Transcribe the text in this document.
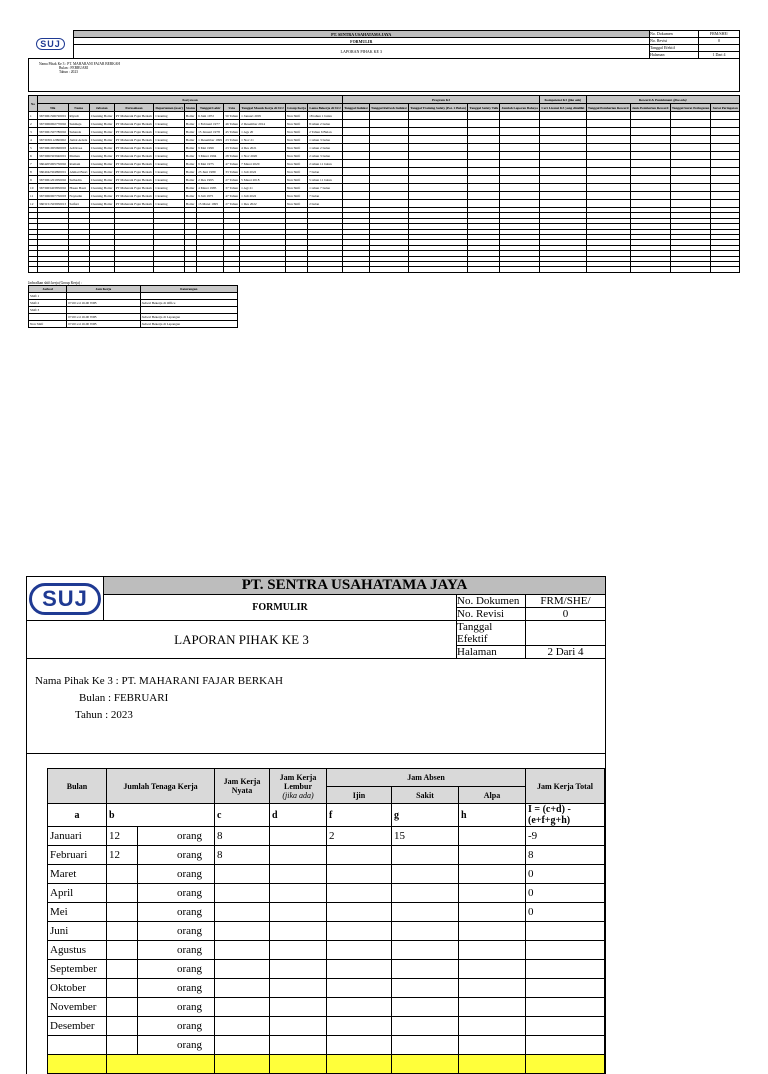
SUJ	PT. SENTRA USAHATAMA JAYA	No. Dokumen	FRM/SHE/
	FORMULIR	No. Revisi	0
	LAPORAN PIHAK KE 3	Tanggal Efektif	
		Halaman	1 Dari 4

Nama Pihak Ke 3 : PT. MAHARANI FAJAR BERKAH
Bulan : FEBRUARI
Tahun : 2023			
No	Karyawan											Program K3					Kompetensi K3 (jika ada)	Reward & Punishment (jika ada)			
	Nik	Nama	Jabatan	Perusahaan	Departemen (user)	Status	Tanggal Lahir	Usia	Tanggal Masuk Kerja di SUJ	Group Kerja	Lama Bekerja di SUJ	Tanggal Induksi	Tanggal Refresh Induksi	Tanggal Training Safety (Pot. 2 Bulan)	Tanggal Safety Talk	Jumlah Laporan Bahaya	Cert Licensi K3 yang dimiliki	Tanggal Pemberian Reward	Jenis Pemberian Reward	Tanggal Surat Peringatan	Surat Peringatan
1	3673061506720001	Riyadi	Cleaning Boiler	PT Maharani Fajar Berkah	Cleaning	Boiler	6 Juni 1972	50 Tahun	1 Januari 2005	Non Shift	18 tahun 1 bulan										
2	3673066902770002	Sukmaja	Cleaning Boiler	PT Maharani Fajar Berkah	Cleaning	Boiler	1 Februari 1977	46 Tahun	2 Desember 2014	Non Shift	8 tahun 2 bulan										
3	3673061507780002	Suhanda	Cleaning Boiler	PT Maharani Fajar Berkah	Cleaning	Boiler	15 Januari 1978	45 Tahun	1 Ags 20	Non Shift	2 Tahun 6 Bulan										
4	3673030112990002	Jamal Ardela	Cleaning Boiler	PT Maharani Fajar Berkah	Cleaning	Boiler	1 Desember 1999	23 Tahun	1 Nov 21	Non Shift	1 tahun 3 bulan										
5	3673061905990003	Adi Rosa	Cleaning Boiler	PT Maharani Fajar Berkah	Cleaning	Boiler	9 Mei 1999	23 Tahun	4 Des 2021	Non Shift	1 tahun 2 bulan										
6	3673060303940001	Maman	Cleaning Boiler	PT Maharani Fajar Berkah	Cleaning	Boiler	3 Maret 1994	28 Tahun	1 Nov 2020	Non Shift	2 tahun 3 bulan										
7	3604205905750002	Romani	Cleaning Boiler	PT Maharani Fajar Berkah	Cleaning	Boiler	9 Mei 1975	47 Tahun	7 Maret 2020	Non Shift	2 tahun 11 bulan										
8	3604042304890001	Ahmad Basri	Cleaning Boiler	PT Maharani Fajar Berkah	Cleaning	Boiler	23 Juni 1989	33 Tahun	1 Juli 2022	Non Shift	7 bulan										
9	3673061201950002	Sulhadin	Cleaning Boiler	PT Maharani Fajar Berkah	Cleaning	Boiler	2 Des 1995	27 Tahun	5 Maret 2018	Non Shift	5 tahun 11 bulan										
10	3673063403850002	Hasan Basri	Cleaning Boiler	PT Maharani Fajar Berkah	Cleaning	Boiler	4 Maret 1985	37 Tahun	1 Agt 21	Non Shift	1 tahun 7 bulan										
11	3673060907750003	Nayiudin	Cleaning Boiler	PT Maharani Fajar Berkah	Cleaning	Boiler	9 Juli 1975	47 Tahun	1 Juli 2022	Non Shift	7 bulan										
12	3603151503950013	Saifuri	Cleaning Boiler	PT Maharani Fajar Berkah	Cleaning	Boiler	15 Maret 1995	27 Tahun	1 Des 2022	Non Shift	2 bulan										

Jadwalkan shift kerja (Group Kerja) :
Jadwal	Jam Kerja	Keterangan
Shift 1		
Shift 2	07.00 s/d 16.00 WIB	Jadwal Bekerja di Office
Shift 3		
	07.00 s/d 16.00 WIB	Jadwal Bekerja di Lapangan
Non Shift	07.00 s/d 16.00 WIB	Jadwal Bekerja di Lapangan
SUJ	PT. SENTRA USAHATAMA JAYA
FORMULIR	
No. Dokumen	FRM/SHE/
No. Revisi	0

LAPORAN PIHAK KE 3	
Tanggal Efektif	
Halaman	2 Dari 4

Nama Pihak Ke 3 : PT. MAHARANI FAJAR BERKAH
Bulan : FEBRUARI
Tahun : 2023

Bulan	Jumlah Tenaga Kerja	Jam Kerja Nyata	Jam Kerja Lembur
(jika ada)	Jam Absen	Jam Kerja Total
Ijin	Sakit	Alpa
a	b	c	d	f	g	h	I = (c+d) - (e+f+g+h)
Januari	12	orang	8		2	15		-9
Februari	12	orang	8					8
Maret		orang						0
April		orang						0
Mei		orang						0
Juni		orang						
Agustus		orang						
September		orang						
Oktober		orang						
November		orang						
Desember		orang						
		orang						
